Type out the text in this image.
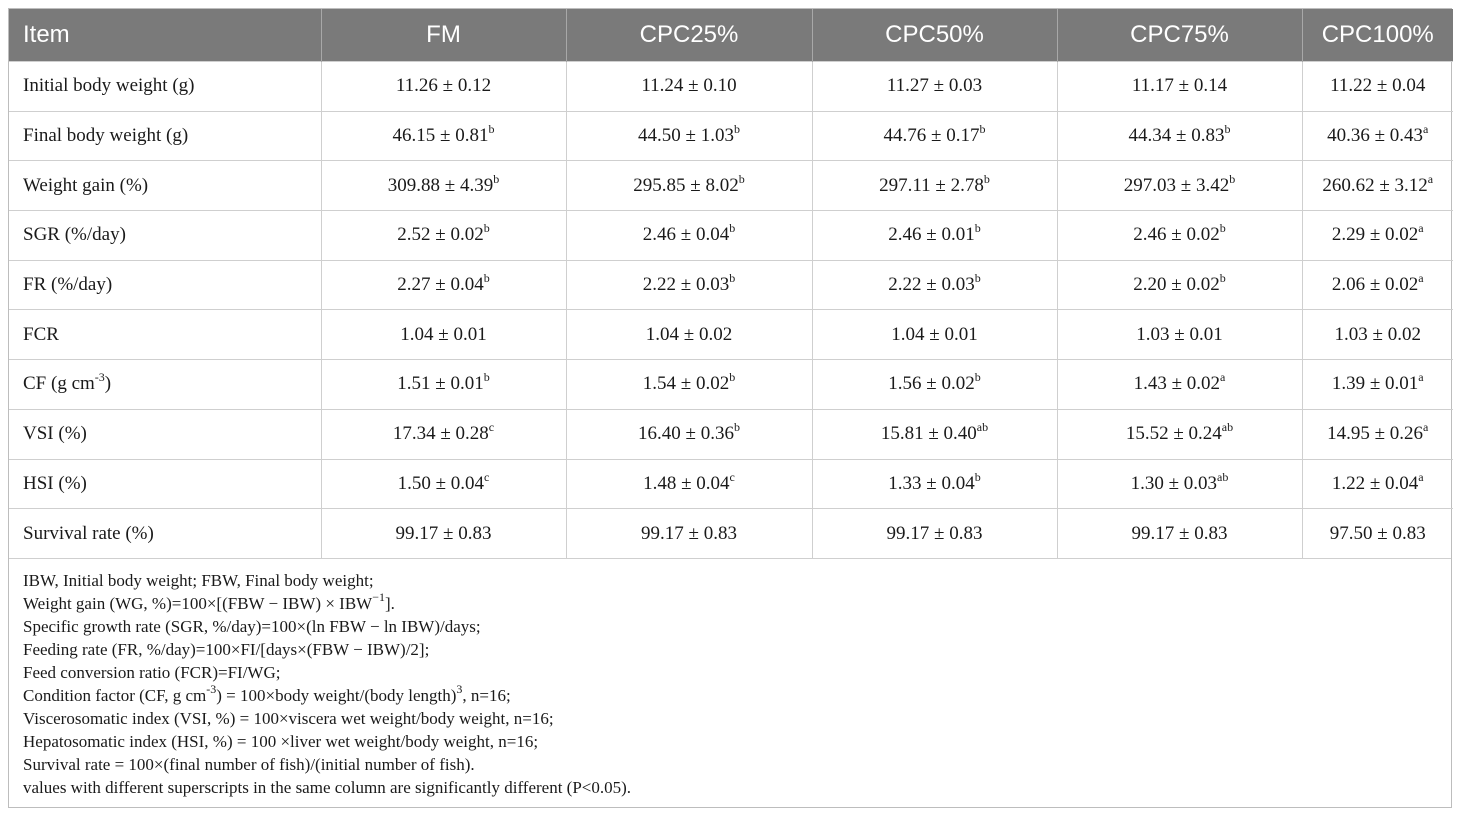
Item	FM	CPC25%	CPC50%	CPC75%	CPC100%
Initial body weight (g)	11.26 ± 0.12	11.24 ± 0.10	11.27 ± 0.03	11.17 ± 0.14	11.22 ± 0.04
Final body weight (g)	46.15 ± 0.81$^b$	44.50 ± 1.03$^b$	44.76 ± 0.17$^b$	44.34 ± 0.83$^b$	40.36 ± 0.43$^a$
Weight gain (%)	309.88 ± 4.39$^b$	295.85 ± 8.02$^b$	297.11 ± 2.78$^b$	297.03 ± 3.42$^b$	260.62 ± 3.12$^a$
SGR (%/day)	2.52 ± 0.02$^b$	2.46 ± 0.04$^b$	2.46 ± 0.01$^b$	2.46 ± 0.02$^b$	2.29 ± 0.02$^a$
FR (%/day)	2.27 ± 0.04$^b$	2.22 ± 0.03$^b$	2.22 ± 0.03$^b$	2.20 ± 0.02$^b$	2.06 ± 0.02$^a$
FCR	1.04 ± 0.01	1.04 ± 0.02	1.04 ± 0.01	1.03 ± 0.01	1.03 ± 0.02
CF (g $cm^{-3}$)	1.51 ± 0.01$^b$	1.54 ± 0.02$^b$	1.56 ± 0.02$^b$	1.43 ± 0.02$^a$	1.39 ± 0.01$^a$
VSI (%)	17.34 ± 0.28$^c$	16.40 ± 0.36$^b$	15.81 ± 0.40$^{ab}$	15.52 ± 0.24$^{ab}$	14.95 ± 0.26$^a$
HSI (%)	1.50 ± 0.04$^c$	1.48 ± 0.04$^c$	1.33 ± 0.04$^b$	1.30 ± 0.03$^{ab}$	1.22 ± 0.04$^a$
Survival rate (%)	99.17 ± 0.83	99.17 ± 0.83	99.17 ± 0.83	99.17 ± 0.83	97.50 ± 0.83
IBW, Initial body weight; FBW, Final body weight;
Weight gain (WG, $\%)=100\times[(FBW - IBW) \times IBW^{-1}]$.
Specific growth rate (SGR, %/day)=100×(ln FBW − ln IBW)/days;
Feeding rate (FR, %/day)=100×FI/[days×(FBW − IBW)/2];
Feed conversion ratio (FCR)=FI/WG;
Condition factor (CF, g $cm^{-3}$) = 100×body weight/(body length)$^3$, n=16;
Viscerosomatic index (VSI, %) = 100×viscera wet weight/body weight, n=16;
Hepatosomatic index (HSI, %) = 100 ×liver wet weight/body weight, n=16;
Survival rate = 100×(final number of fish)/(initial number of fish).
values with different superscripts in the same column are significantly different (P<0.05).
